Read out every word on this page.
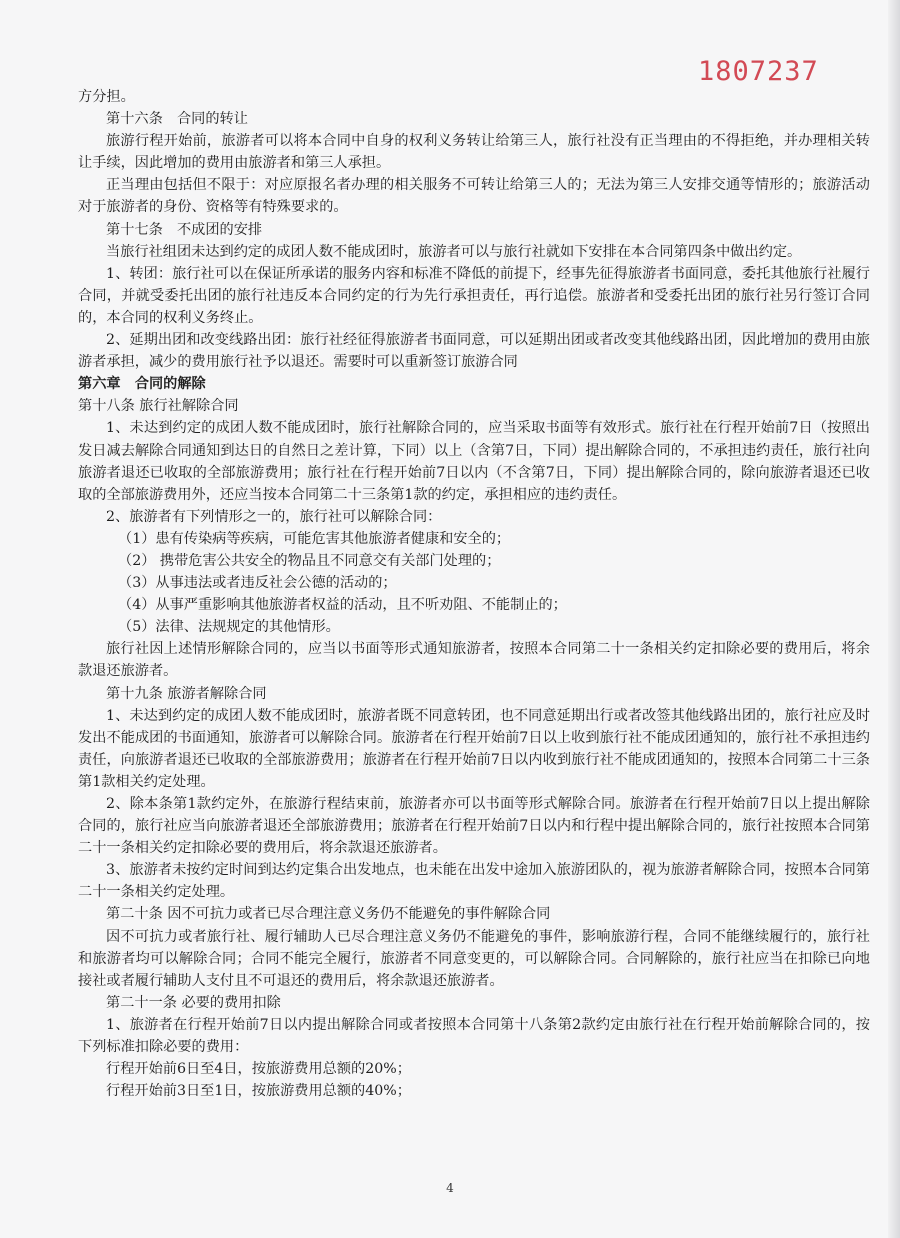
1807237

方分担。

第十六条　合同的转让

旅游行程开始前，旅游者可以将本合同中自身的权利义务转让给第三人，旅行社没有正当理由的不得拒绝，并办理相关转让手续，因此增加的费用由旅游者和第三人承担。

正当理由包括但不限于：对应原报名者办理的相关服务不可转让给第三人的；无法为第三人安排交通等情形的；旅游活动对于旅游者的身份、资格等有特殊要求的。

第十七条　不成团的安排

当旅行社组团未达到约定的成团人数不能成团时，旅游者可以与旅行社就如下安排在本合同第四条中做出约定。

1、转团：旅行社可以在保证所承诺的服务内容和标准不降低的前提下，经事先征得旅游者书面同意，委托其他旅行社履行合同，并就受委托出团的旅行社违反本合同约定的行为先行承担责任，再行追偿。旅游者和受委托出团的旅行社另行签订合同的，本合同的权利义务终止。

2、延期出团和改变线路出团：旅行社经征得旅游者书面同意，可以延期出团或者改变其他线路出团，因此增加的费用由旅游者承担，减少的费用旅行社予以退还。需要时可以重新签订旅游合同

第六章　合同的解除

第十八条 旅行社解除合同

1、未达到约定的成团人数不能成团时，旅行社解除合同的，应当采取书面等有效形式。旅行社在行程开始前7日（按照出发日减去解除合同通知到达日的自然日之差计算，下同）以上（含第7日，下同）提出解除合同的，不承担违约责任，旅行社向旅游者退还已收取的全部旅游费用；旅行社在行程开始前7日以内（不含第7日，下同）提出解除合同的，除向旅游者退还已收取的全部旅游费用外，还应当按本合同第二十三条第1款的约定，承担相应的违约责任。

2、旅游者有下列情形之一的，旅行社可以解除合同：

（1）患有传染病等疾病，可能危害其他旅游者健康和安全的；

（2） 携带危害公共安全的物品且不同意交有关部门处理的；

（3）从事违法或者违反社会公德的活动的；

（4）从事严重影响其他旅游者权益的活动，且不听劝阻、不能制止的；

（5）法律、法规规定的其他情形。

旅行社因上述情形解除合同的，应当以书面等形式通知旅游者，按照本合同第二十一条相关约定扣除必要的费用后，将余款退还旅游者。

第十九条 旅游者解除合同

1、未达到约定的成团人数不能成团时，旅游者既不同意转团，也不同意延期出行或者改签其他线路出团的，旅行社应及时发出不能成团的书面通知，旅游者可以解除合同。旅游者在行程开始前7日以上收到旅行社不能成团通知的，旅行社不承担违约责任，向旅游者退还已收取的全部旅游费用；旅游者在行程开始前7日以内收到旅行社不能成团通知的，按照本合同第二十三条第1款相关约定处理。

2、除本条第1款约定外，在旅游行程结束前，旅游者亦可以书面等形式解除合同。旅游者在行程开始前7日以上提出解除合同的，旅行社应当向旅游者退还全部旅游费用；旅游者在行程开始前7日以内和行程中提出解除合同的，旅行社按照本合同第二十一条相关约定扣除必要的费用后，将余款退还旅游者。

3、旅游者未按约定时间到达约定集合出发地点，也未能在出发中途加入旅游团队的，视为旅游者解除合同，按照本合同第二十一条相关约定处理。

第二十条 因不可抗力或者已尽合理注意义务仍不能避免的事件解除合同

因不可抗力或者旅行社、履行辅助人已尽合理注意义务仍不能避免的事件，影响旅游行程，合同不能继续履行的，旅行社和旅游者均可以解除合同；合同不能完全履行，旅游者不同意变更的，可以解除合同。合同解除的，旅行社应当在扣除已向地接社或者履行辅助人支付且不可退还的费用后，将余款退还旅游者。

第二十一条 必要的费用扣除

1、旅游者在行程开始前7日以内提出解除合同或者按照本合同第十八条第2款约定由旅行社在行程开始前解除合同的，按下列标准扣除必要的费用：

行程开始前6日至4日，按旅游费用总额的20%；

行程开始前3日至1日，按旅游费用总额的40%；

4
